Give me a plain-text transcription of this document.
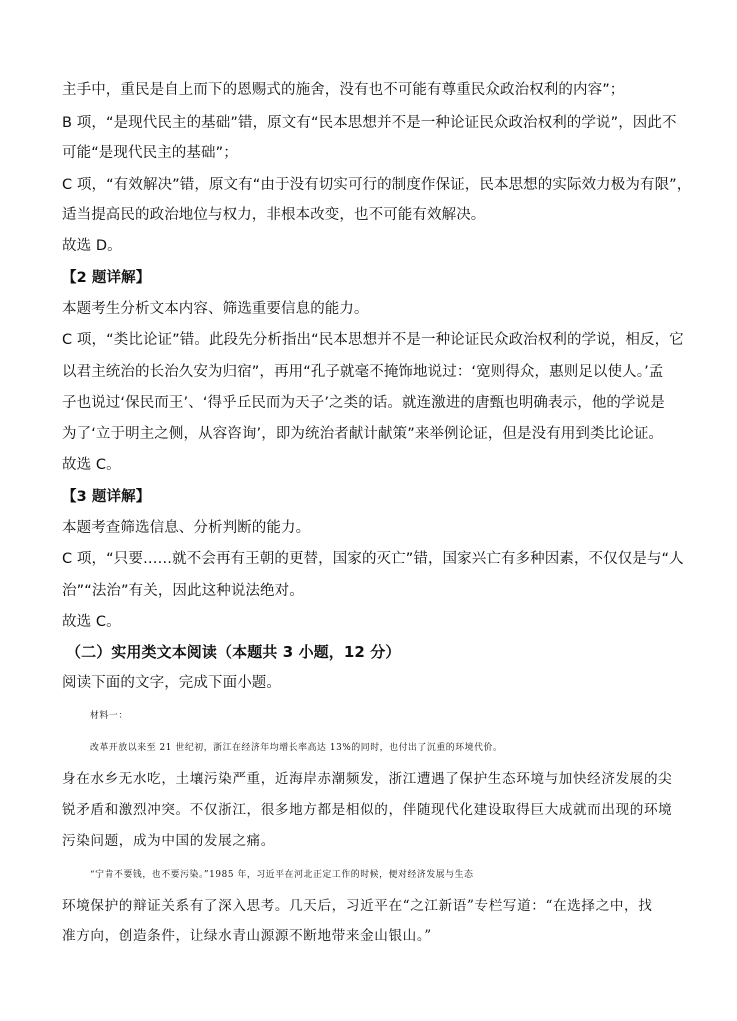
主手中，重民是自上而下的恩赐式的施舍，没有也不可能有尊重民众政治权利的内容”；
B 项，“是现代民主的基础”错，原文有“民本思想并不是一种论证民众政治权利的学说”，因此不
可能“是现代民主的基础”；
C 项，“有效解决”错，原文有“由于没有切实可行的制度作保证，民本思想的实际效力极为有限”，
适当提高民的政治地位与权力，非根本改变，也不可能有效解决。
故选 D。
【2 题详解】
本题考生分析文本内容、筛选重要信息的能力。
C 项，“类比论证”错。此段先分析指出“民本思想并不是一种论证民众政治权利的学说，相反，它
以君主统治的长治久安为归宿”，再用“孔子就毫不掩饰地说过：‘宽则得众，惠则足以使人。’孟
子也说过‘保民而王’、‘得乎丘民而为天子’之类的话。就连激进的唐甄也明确表示，他的学说是
为了‘立于明主之侧，从容咨询’，即为统治者献计献策”来举例论证，但是没有用到类比论证。
故选 C。
【3 题详解】
本题考查筛选信息、分析判断的能力。
C 项，“只要……就不会再有王朝的更替，国家的灭亡”错，国家兴亡有多种因素，不仅仅是与“人
治”“法治”有关，因此这种说法绝对。
故选 C。
（二）实用类文本阅读（本题共 3 小题，12 分）
阅读下面的文字，完成下面小题。
材料一：
改革开放以来至 21 世纪初，浙江在经济年均增长率高达 13%的同时，也付出了沉重的环境代价。
身在水乡无水吃，土壤污染严重，近海岸赤潮频发，浙江遭遇了保护生态环境与加快经济发展的尖
锐矛盾和激烈冲突。不仅浙江，很多地方都是相似的，伴随现代化建设取得巨大成就而出现的环境
污染问题，成为中国的发展之痛。
“宁肯不要钱，也不要污染。”1985 年，习近平在河北正定工作的时候，便对经济发展与生态
环境保护的辩证关系有了深入思考。几天后，习近平在“之江新语”专栏写道：“在选择之中，找
准方向，创造条件，让绿水青山源源不断地带来金山银山。”
